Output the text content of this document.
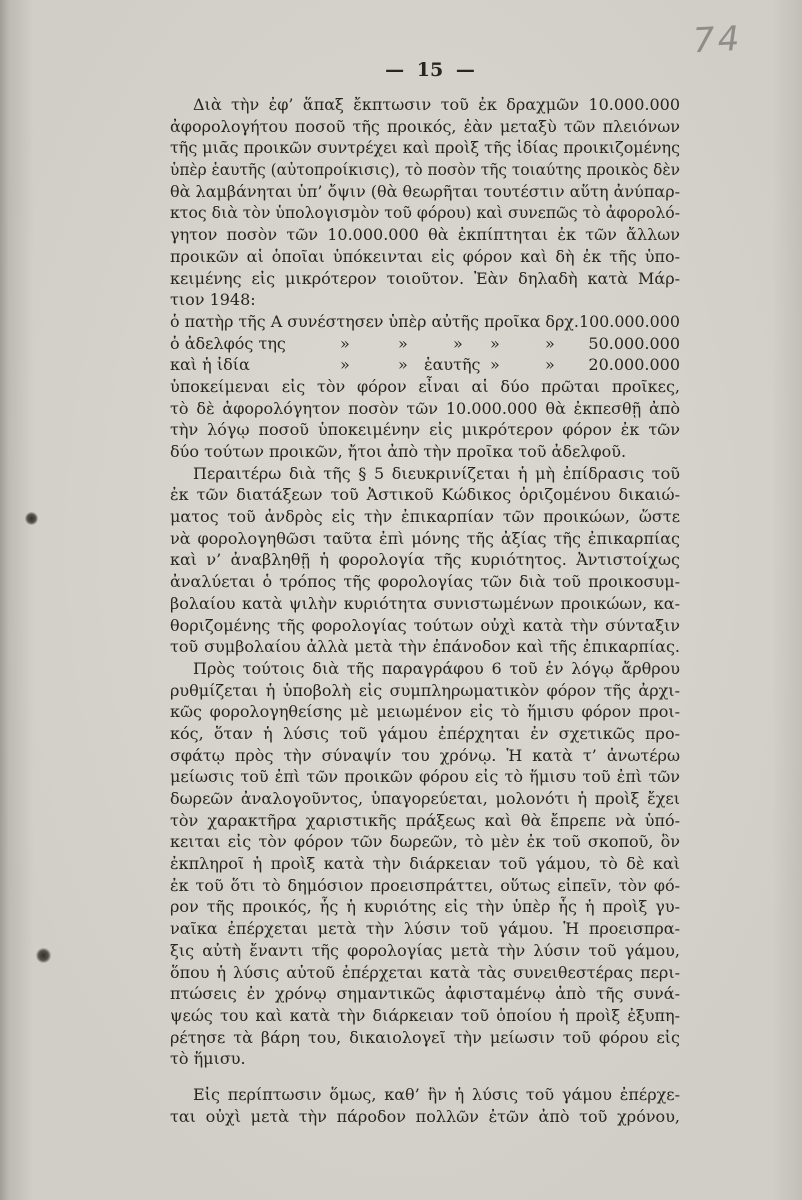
74
— 15 —
Διὰ τὴν ἐφ’ ἅπαξ ἔκπτωσιν τοῦ ἐκ δραχμῶν 10.000.000
ἀφορολογήτου ποσοῦ τῆς προικός, ἐὰν μεταξὺ τῶν πλειόνων
τῆς μιᾶς προικῶν συντρέχει καὶ προὶξ τῆς ἰδίας προικιζομένης
ὑπὲρ ἑαυτῆς (αὐτοπροίκισις), τὸ ποσὸν τῆς τοιαύτης προικὸς δὲν
θὰ λαμβάνηται ὑπ’ ὄψιν (θὰ θεωρῆται τουτέστιν αὕτη ἀνύπαρ-
κτος διὰ τὸν ὑπολογισμὸν τοῦ φόρου) καὶ συνεπῶς τὸ ἀφορολό-
γητον ποσὸν τῶν 10.000.000 θὰ ἐκπίπτηται ἐκ τῶν ἄλλων
προικῶν αἱ ὁποῖαι ὑπόκεινται εἰς φόρον καὶ δὴ ἐκ τῆς ὑπο-
κειμένης εἰς μικρότερον τοιοῦτον. Ἐὰν δηλαδὴ κατὰ Μάρ-
τιον 1948:
ὁ πατὴρ τῆς Α συνέστησεν ὑπὲρ αὐτῆς προῖκα δρχ.100.000.000
ὁ ἀδελφός της	»	»	» »	» 50.000.000
καὶ ἡ ἰδία	»	» ἑαυτῆς »	» 20.000.000
ὑποκείμεναι εἰς τὸν φόρον εἶναι αἱ δύο πρῶται προῖκες,
τὸ δὲ ἀφορολόγητον ποσὸν τῶν 10.000.000 θὰ ἐκπεσθῇ ἀπὸ
τὴν λόγῳ ποσοῦ ὑποκειμένην εἰς μικρότερον φόρον ἐκ τῶν
δύο τούτων προικῶν, ἤτοι ἀπὸ τὴν προῖκα τοῦ ἀδελφοῦ.
Περαιτέρω διὰ τῆς § 5 διευκρινίζεται ἡ μὴ ἐπίδρασις τοῦ
ἐκ τῶν διατάξεων τοῦ Ἀστικοῦ Κώδικος ὁριζομένου δικαιώ-
ματος τοῦ ἀνδρὸς εἰς τὴν ἐπικαρπίαν τῶν προικώων, ὥστε
νὰ φορολογηθῶσι ταῦτα ἐπὶ μόνης τῆς ἀξίας τῆς ἐπικαρπίας
καὶ ν’ ἀναβληθῇ ἡ φορολογία τῆς κυριότητος. Ἀντιστοίχως
ἀναλύεται ὁ τρόπος τῆς φορολογίας τῶν διὰ τοῦ προικοσυμ-
βολαίου κατὰ ψιλὴν κυριότητα συνιστωμένων προικώων, κα-
θοριζομένης τῆς φορολογίας τούτων οὐχὶ κατὰ τὴν σύνταξιν
τοῦ συμβολαίου ἀλλὰ μετὰ τὴν ἐπάνοδον καὶ τῆς ἐπικαρπίας.
Πρὸς τούτοις διὰ τῆς παραγράφου 6 τοῦ ἐν λόγῳ ἄρθρου
ρυθμίζεται ἡ ὑποβολὴ εἰς συμπληρωματικὸν φόρον τῆς ἀρχι-
κῶς φορολογηθείσης μὲ μειωμένον εἰς τὸ ἥμισυ φόρον προι-
κός, ὅταν ἡ λύσις τοῦ γάμου ἐπέρχηται ἐν σχετικῶς προ-
σφάτῳ πρὸς τὴν σύναψίν του χρόνῳ. Ἡ κατὰ τ’ ἀνωτέρω
μείωσις τοῦ ἐπὶ τῶν προικῶν φόρου εἰς τὸ ἥμισυ τοῦ ἐπὶ τῶν
δωρεῶν ἀναλογοῦντος, ὑπαγορεύεται, μολονότι ἡ προὶξ ἔχει
τὸν χαρακτῆρα χαριστικῆς πράξεως καὶ θὰ ἔπρεπε νὰ ὑπό-
κειται εἰς τὸν φόρον τῶν δωρεῶν, τὸ μὲν ἐκ τοῦ σκοποῦ, ὃν
ἐκπληροῖ ἡ προὶξ κατὰ τὴν διάρκειαν τοῦ γάμου, τὸ δὲ καὶ
ἐκ τοῦ ὅτι τὸ δημόσιον προεισπράττει, οὕτως εἰπεῖν, τὸν φό-
ρον τῆς προικός, ἧς ἡ κυριότης εἰς τὴν ὑπὲρ ἧς ἡ προὶξ γυ-
ναῖκα ἐπέρχεται μετὰ τὴν λύσιν τοῦ γάμου. Ἡ προεισπρα-
ξις αὐτὴ ἔναντι τῆς φορολογίας μετὰ τὴν λύσιν τοῦ γάμου,
ὅπου ἡ λύσις αὐτοῦ ἐπέρχεται κατὰ τὰς συνειθεστέρας περι-
πτώσεις ἐν χρόνῳ σημαντικῶς ἀφισταμένῳ ἀπὸ τῆς συνά-
ψεώς του καὶ κατὰ τὴν διάρκειαν τοῦ ὁποίου ἡ προὶξ ἐξυπη-
ρέτησε τὰ βάρη του, δικαιολογεῖ τὴν μείωσιν τοῦ φόρου εἰς
τὸ ἥμισυ.
Εἰς περίπτωσιν ὅμως, καθ’ ἣν ἡ λύσις τοῦ γάμου ἐπέρχε-
ται οὐχὶ μετὰ τὴν πάροδον πολλῶν ἐτῶν ἀπὸ τοῦ χρόνου,
